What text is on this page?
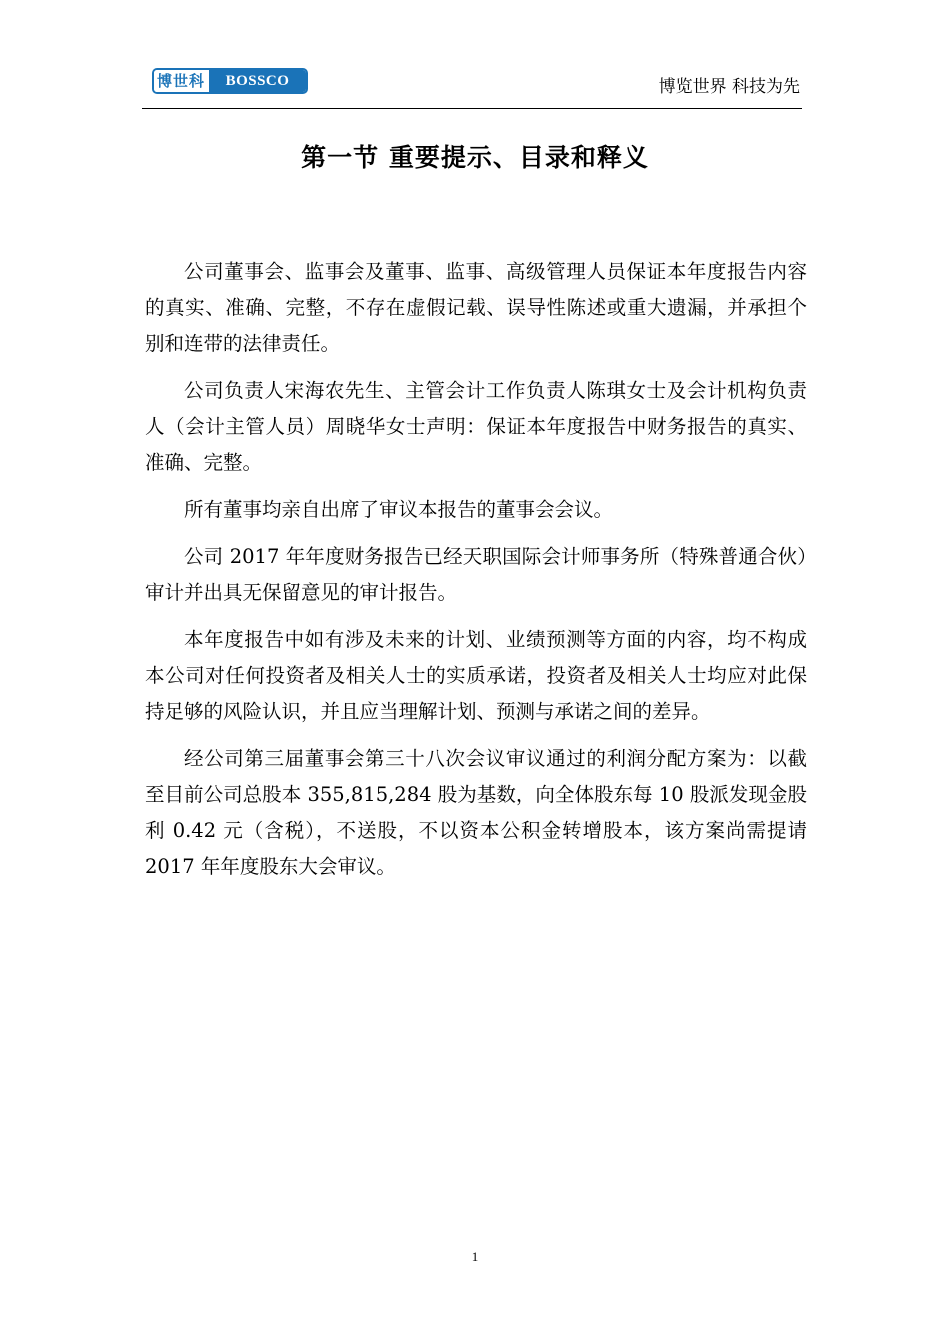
博世科	BOSSCO	博览世界 科技为先
第一节 重要提示、目录和释义

公司董事会、监事会及董事、监事、高级管理人员保证本年度报告内容的真实、准确、完整，不存在虚假记载、误导性陈述或重大遗漏，并承担个别和连带的法律责任。

公司负责人宋海农先生、主管会计工作负责人陈琪女士及会计机构负责人（会计主管人员）周晓华女士声明：保证本年度报告中财务报告的真实、准确、完整。

所有董事均亲自出席了审议本报告的董事会会议。

公司 2017 年年度财务报告已经天职国际会计师事务所（特殊普通合伙）审计并出具无保留意见的审计报告。

本年度报告中如有涉及未来的计划、业绩预测等方面的内容，均不构成本公司对任何投资者及相关人士的实质承诺，投资者及相关人士均应对此保持足够的风险认识，并且应当理解计划、预测与承诺之间的差异。

经公司第三届董事会第三十八次会议审议通过的利润分配方案为：以截至目前公司总股本 355,815,284 股为基数，向全体股东每 10 股派发现金股利 0.42 元（含税），不送股，不以资本公积金转增股本，该方案尚需提请 2017 年年度股东大会审议。

1
